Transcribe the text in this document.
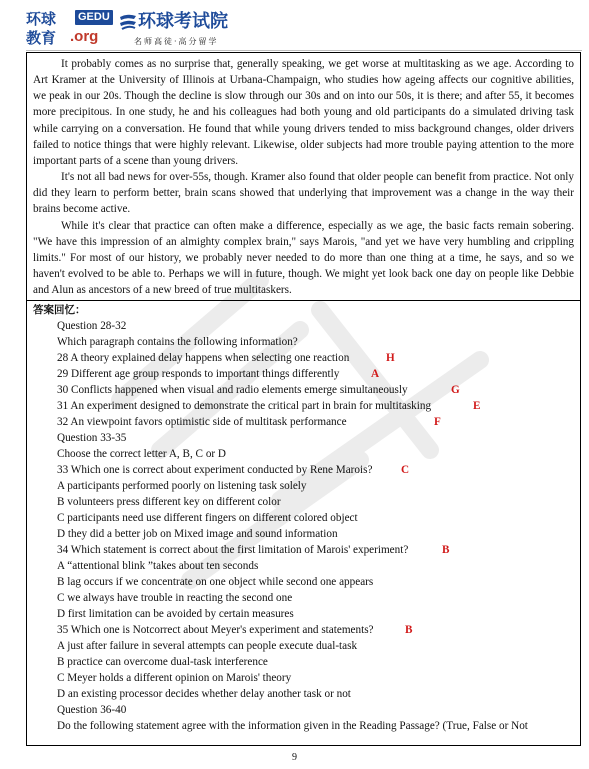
环球 GEDU
教育 .org
环球考试院
名师高徒·高分留学

It probably comes as no surprise that, generally speaking, we get worse at multitasking as we age. According to Art Kramer at the University of Illinois at Urbana-Champaign, who studies how ageing affects our cognitive abilities, we peak in our 20s. Though the decline is slow through our 30s and on into our 50s, it is there; and after 55, it becomes more precipitous. In one study, he and his colleagues had both young and old participants do a simulated driving task while carrying on a conversation. He found that while young drivers tended to miss background changes, older drivers failed to notice things that were highly relevant. Likewise, older subjects had more trouble paying attention to the more important parts of a scene than young drivers.

It's not all bad news for over-55s, though. Kramer also found that older people can benefit from practice. Not only did they learn to perform better, brain scans showed that underlying that improvement was a change in the way their brains become active.

While it's clear that practice can often make a difference, especially as we age, the basic facts remain sobering. "We have this impression of an almighty complex brain," says Marois, "and yet we have very humbling and crippling limits." For most of our history, we probably never needed to do more than one thing at a time, he says, and so we haven't evolved to be able to. Perhaps we will in future, though. We might yet look back one day on people like Debbie and Alun as ancestors of a new breed of true multitaskers.

答案回忆：
Question 28-32
Which paragraph contains the following information?
28 A theory explained delay happens when selecting one reaction	H
29 Different age group responds to important things differently	A
30 Conflicts happened when visual and radio elements emerge simultaneously	G
31 An experiment designed to demonstrate the critical part in brain for multitasking	E
32 An viewpoint favors optimistic side of multitask performance	F
Question 33-35
Choose the correct letter A, B, C or D
33 Which one is correct about experiment conducted by Rene Marois?	C
A participants performed poorly on listening task solely
B volunteers press different key on different color
C participants need use different fingers on different colored object
D they did a better job on Mixed image and sound information
34 Which statement is correct about the first limitation of Marois' experiment?	B
A “attentional blink ”takes about ten seconds
B lag occurs if we concentrate on one object while second one appears
C we always have trouble in reacting the second one
D first limitation can be avoided by certain measures
35 Which one is Notcorrect about Meyer's experiment and statements?	B
A just after failure in several attempts can people execute dual-task
B practice can overcome dual-task interference
C Meyer holds a different opinion on Marois' theory
D an existing processor decides whether delay another task or not
Question 36-40
Do the following statement agree with the information given in the Reading Passage? (True, False or Not
9
